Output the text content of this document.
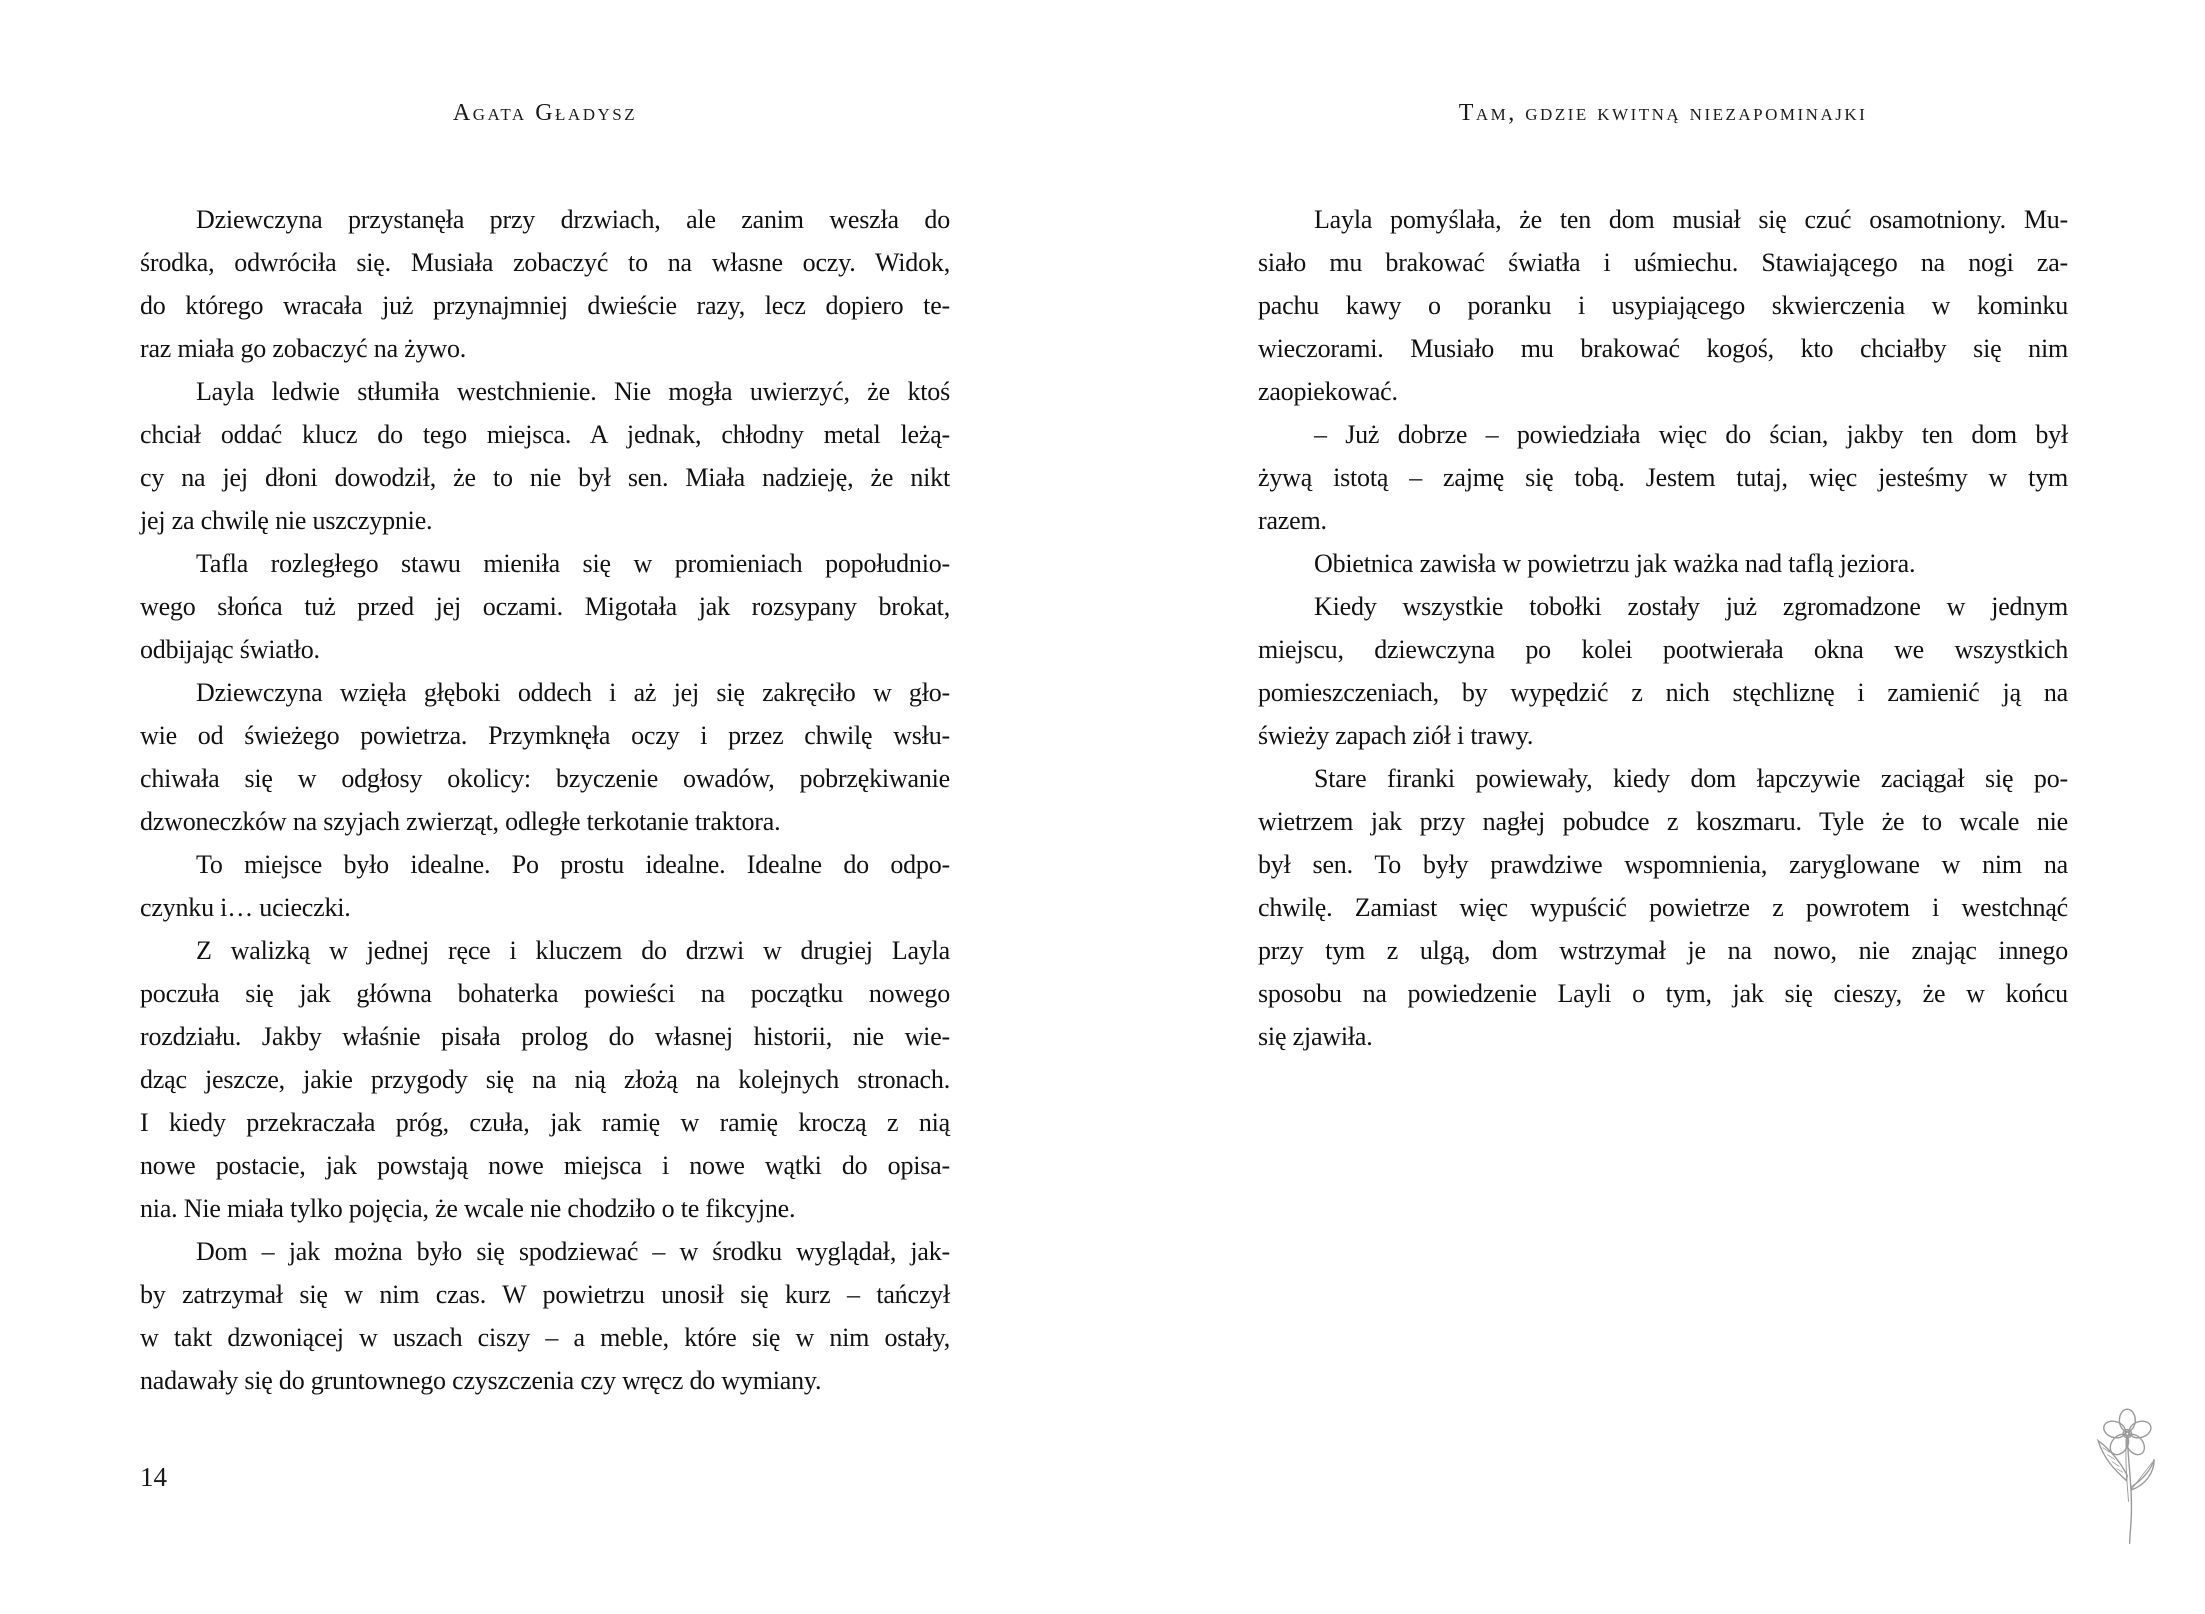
Agata Gładysz
Dziewczyna przystanęła przy drzwiach, ale zanim weszła do
środka, odwróciła się. Musiała zobaczyć to na własne oczy. Widok,
do którego wracała już przynajmniej dwieście razy, lecz dopiero te-
raz miała go zobaczyć na żywo.
Layla ledwie stłumiła westchnienie. Nie mogła uwierzyć, że ktoś
chciał oddać klucz do tego miejsca. A jednak, chłodny metal leżą-
cy na jej dłoni dowodził, że to nie był sen. Miała nadzieję, że nikt
jej za chwilę nie uszczypnie.
Tafla rozległego stawu mieniła się w promieniach popołudnio-
wego słońca tuż przed jej oczami. Migotała jak rozsypany brokat,
odbijając światło.
Dziewczyna wzięła głęboki oddech i aż jej się zakręciło w gło-
wie od świeżego powietrza. Przymknęła oczy i przez chwilę wsłu-
chiwała się w odgłosy okolicy: bzyczenie owadów, pobrzękiwanie
dzwoneczków na szyjach zwierząt, odległe terkotanie traktora.
To miejsce było idealne. Po prostu idealne. Idealne do odpo-
czynku i… ucieczki.
Z walizką w jednej ręce i kluczem do drzwi w drugiej Layla
poczuła się jak główna bohaterka powieści na początku nowego
rozdziału. Jakby właśnie pisała prolog do własnej historii, nie wie-
dząc jeszcze, jakie przygody się na nią złożą na kolejnych stronach.
I kiedy przekraczała próg, czuła, jak ramię w ramię kroczą z nią
nowe postacie, jak powstają nowe miejsca i nowe wątki do opisa-
nia. Nie miała tylko pojęcia, że wcale nie chodziło o te fikcyjne.
Dom – jak można było się spodziewać – w środku wyglądał, jak-
by zatrzymał się w nim czas. W powietrzu unosił się kurz – tańczył
w takt dzwoniącej w uszach ciszy – a meble, które się w nim ostały,
nadawały się do gruntownego czyszczenia czy wręcz do wymiany.
14
Tam, gdzie kwitną niezapominajki
Layla pomyślała, że ten dom musiał się czuć osamotniony. Mu-
siało mu brakować światła i uśmiechu. Stawiającego na nogi za-
pachu kawy o poranku i usypiającego skwierczenia w kominku
wieczorami. Musiało mu brakować kogoś, kto chciałby się nim
zaopiekować.
– Już dobrze – powiedziała więc do ścian, jakby ten dom był
żywą istotą – zajmę się tobą. Jestem tutaj, więc jesteśmy w tym
razem.
Obietnica zawisła w powietrzu jak ważka nad taflą jeziora.
Kiedy wszystkie tobołki zostały już zgromadzone w jednym
miejscu, dziewczyna po kolei pootwierała okna we wszystkich
pomieszczeniach, by wypędzić z nich stęchliznę i zamienić ją na
świeży zapach ziół i trawy.
Stare firanki powiewały, kiedy dom łapczywie zaciągał się po-
wietrzem jak przy nagłej pobudce z koszmaru. Tyle że to wcale nie
był sen. To były prawdziwe wspomnienia, zaryglowane w nim na
chwilę. Zamiast więc wypuścić powietrze z powrotem i westchnąć
przy tym z ulgą, dom wstrzymał je na nowo, nie znając innego
sposobu na powiedzenie Layli o tym, jak się cieszy, że w końcu
się zjawiła.
